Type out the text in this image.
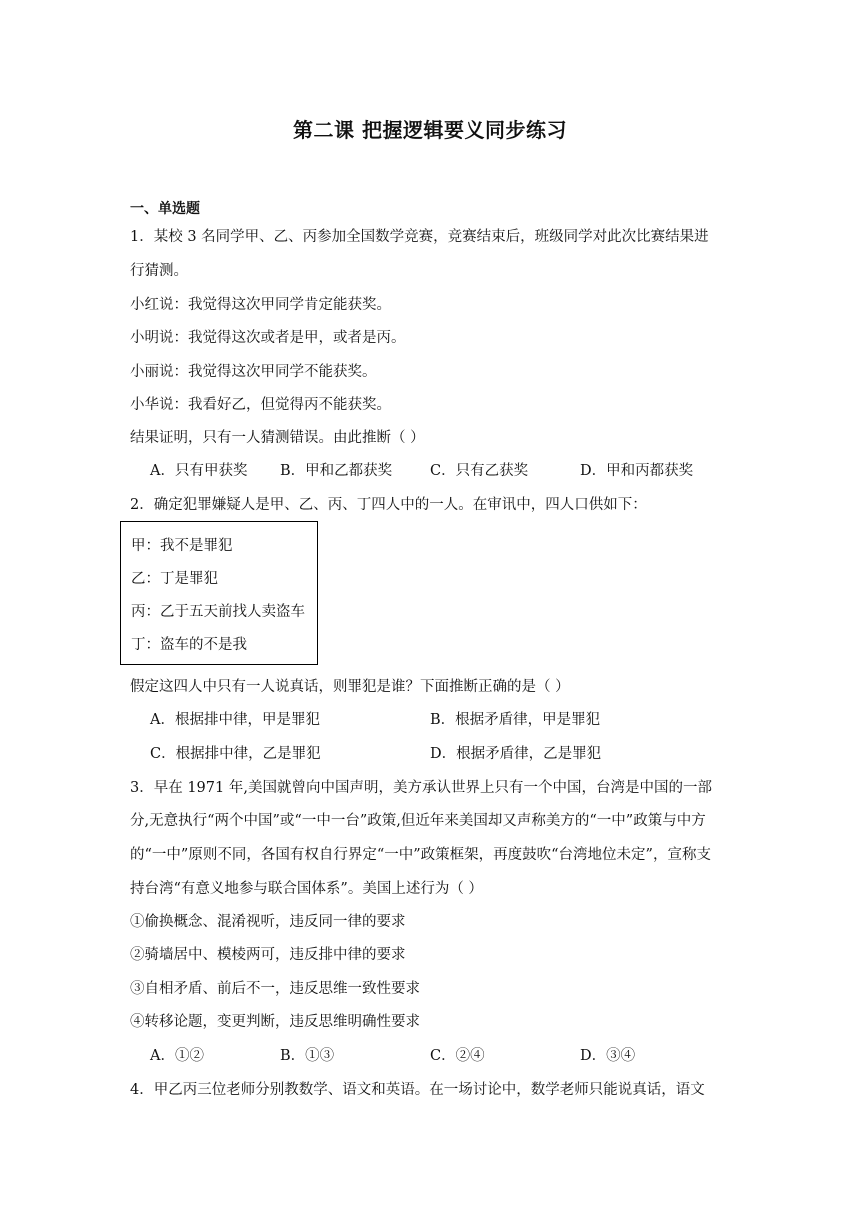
第二课 把握逻辑要义同步练习
一、单选题
1．某校 3 名同学甲、乙、丙参加全国数学竞赛，竞赛结束后，班级同学对此次比赛结果进
行猜测。
小红说：我觉得这次甲同学肯定能获奖。
小明说：我觉得这次或者是甲，或者是丙。
小丽说：我觉得这次甲同学不能获奖。
小华说：我看好乙，但觉得丙不能获奖。
结果证明，只有一人猜测错误。由此推断（ ）
A．只有甲获奖 B．甲和乙都获奖	C．只有乙获奖	D．甲和丙都获奖
2．确定犯罪嫌疑人是甲、乙、丙、丁四人中的一人。在审讯中，四人口供如下：
甲：我不是罪犯
乙：丁是罪犯
丙：乙于五天前找人卖盗车
丁：盗车的不是我
假定这四人中只有一人说真话，则罪犯是谁？下面推断正确的是（ ）
A．根据排中律，甲是罪犯	B．根据矛盾律，甲是罪犯
C．根据排中律，乙是罪犯	D．根据矛盾律，乙是罪犯
3．早在 1971 年,美国就曾向中国声明，美方承认世界上只有一个中国，台湾是中国的一部
分,无意执行“两个中国”或“一中一台”政策,但近年来美国却又声称美方的“一中”政策与中方
的“一中”原则不同，各国有权自行界定“一中”政策框架，再度鼓吹“台湾地位未定”，宣称支
持台湾“有意义地参与联合国体系”。美国上述行为（ ）
①偷换概念、混淆视听，违反同一律的要求
②骑墙居中、模棱两可，违反排中律的要求
③自相矛盾、前后不一，违反思维一致性要求
④转移论题，变更判断，违反思维明确性要求
A．①②	B．①③	C．②④	D．③④
4．甲乙丙三位老师分别教数学、语文和英语。在一场讨论中，数学老师只能说真话，语文
